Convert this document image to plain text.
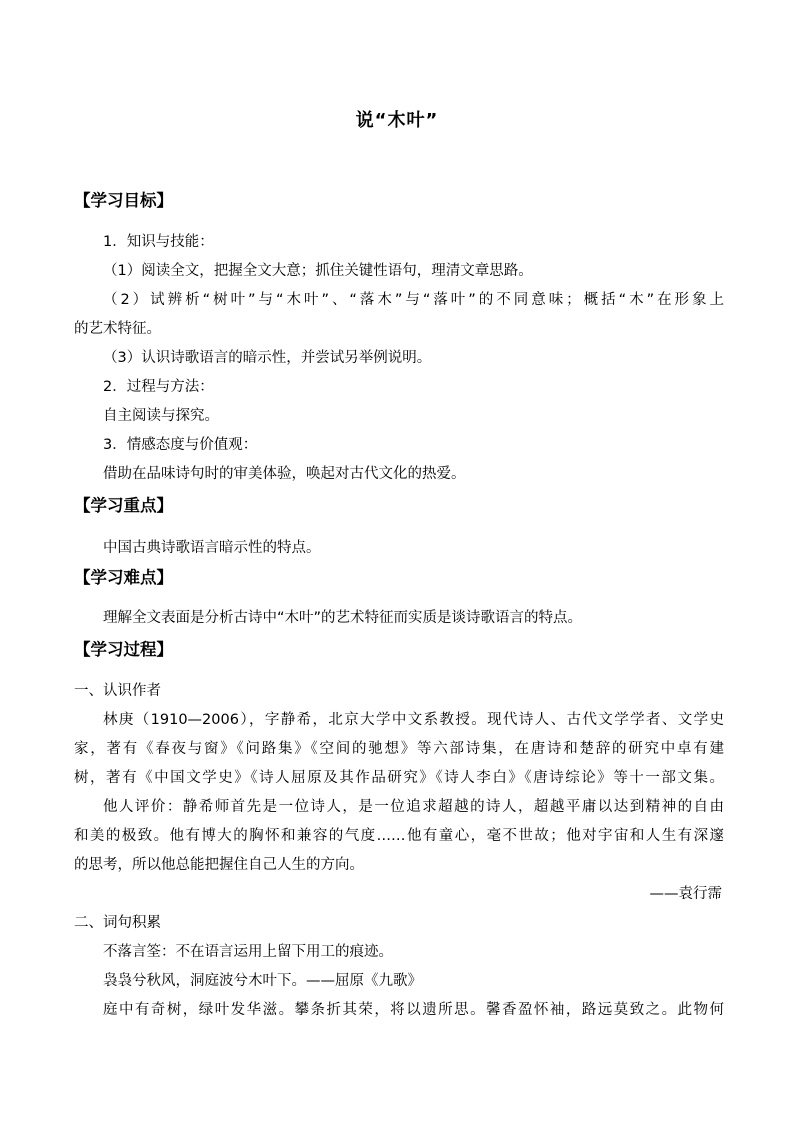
说“木叶”
【学习目标】
1．知识与技能：
（1）阅读全文，把握全文大意；抓住关键性语句，理清文章思路。
（2）试辨析“树叶”与“木叶”、“落木”与“落叶”的不同意味；概括“木”在形象上
的艺术特征。
（3）认识诗歌语言的暗示性，并尝试另举例说明。
2．过程与方法：
自主阅读与探究。
3．情感态度与价值观：
借助在品味诗句时的审美体验，唤起对古代文化的热爱。
【学习重点】
中国古典诗歌语言暗示性的特点。
【学习难点】
理解全文表面是分析古诗中“木叶”的艺术特征而实质是谈诗歌语言的特点。
【学习过程】
一、认识作者
林庚（1910—2006），字静希，北京大学中文系教授。现代诗人、古代文学学者、文学史
家，著有《春夜与窗》《问路集》《空间的驰想》等六部诗集，在唐诗和楚辞的研究中卓有建
树，著有《中国文学史》《诗人屈原及其作品研究》《诗人李白》《唐诗综论》等十一部文集。
他人评价：静希师首先是一位诗人，是一位追求超越的诗人，超越平庸以达到精神的自由
和美的极致。他有博大的胸怀和兼容的气度……他有童心，毫不世故；他对宇宙和人生有深邃
的思考，所以他总能把握住自己人生的方向。
——袁行霈
二、词句积累
不落言筌：不在语言运用上留下用工的痕迹。
袅袅兮秋风，洞庭波兮木叶下。——屈原《九歌》
庭中有奇树，绿叶发华滋。攀条折其荣，将以遗所思。馨香盈怀袖，路远莫致之。此物何
